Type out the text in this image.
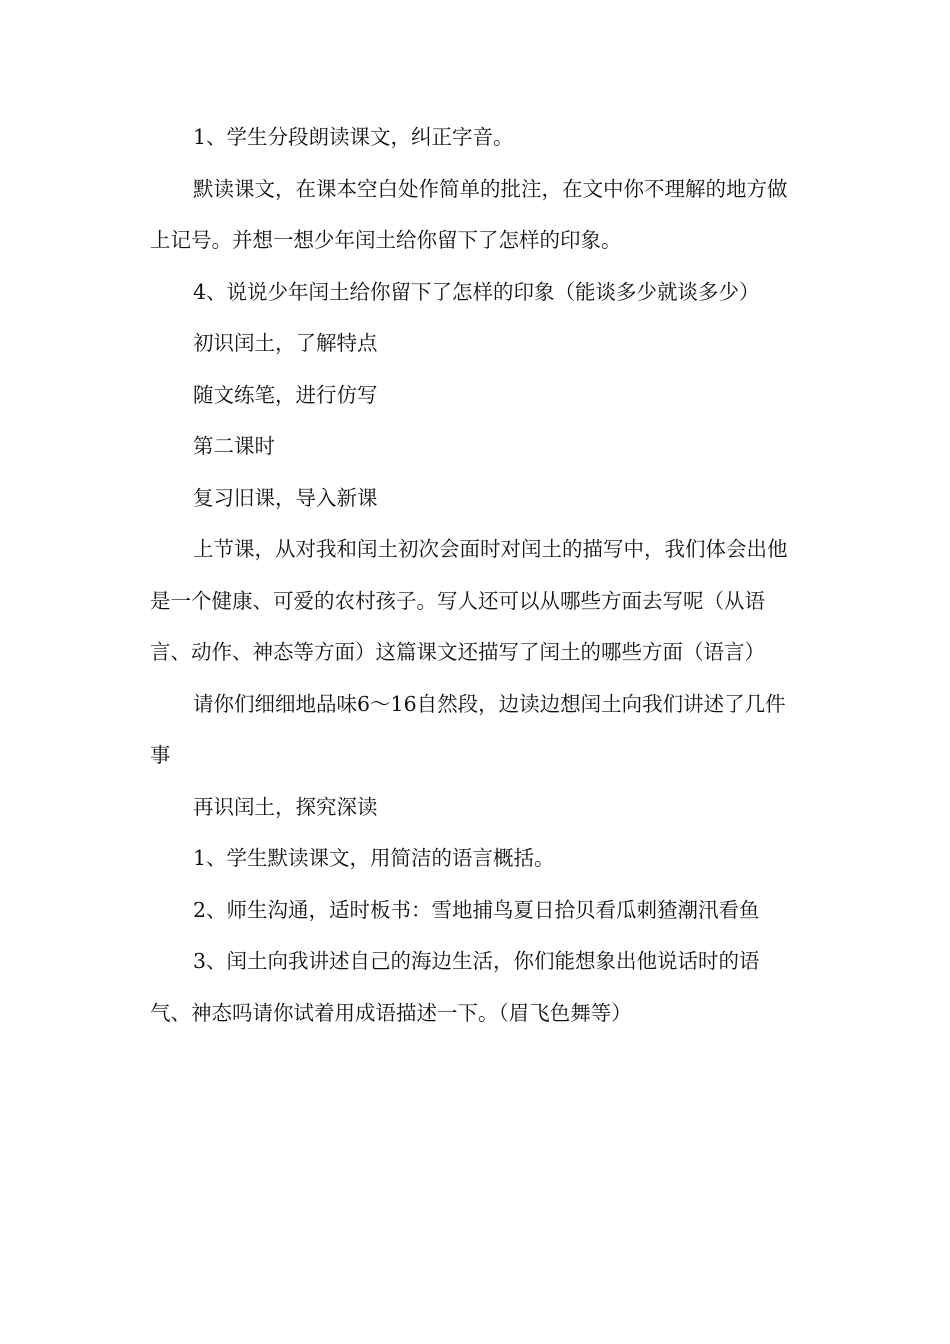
1、学生分段朗读课文，纠正字音。

默读课文，在课本空白处作简单的批注，在文中你不理解的地方做上记号。并想一想少年闰土给你留下了怎样的印象。

4、说说少年闰土给你留下了怎样的印象（能谈多少就谈多少）

初识闰土，了解特点

随文练笔，进行仿写

第二课时

复习旧课，导入新课

上节课，从对我和闰土初次会面时对闰土的描写中，我们体会出他是一个健康、可爱的农村孩子。写人还可以从哪些方面去写呢（从语言、动作、神态等方面）这篇课文还描写了闰土的哪些方面（语言）

请你们细细地品味6～16自然段，边读边想闰土向我们讲述了几件事

再识闰土，探究深读

1、学生默读课文，用简洁的语言概括。

2、师生沟通，适时板书：雪地捕鸟夏日拾贝看瓜刺猹潮汛看鱼

3、闰土向我讲述自己的海边生活，你们能想象出他说话时的语气、神态吗请你试着用成语描述一下。（眉飞色舞等）
